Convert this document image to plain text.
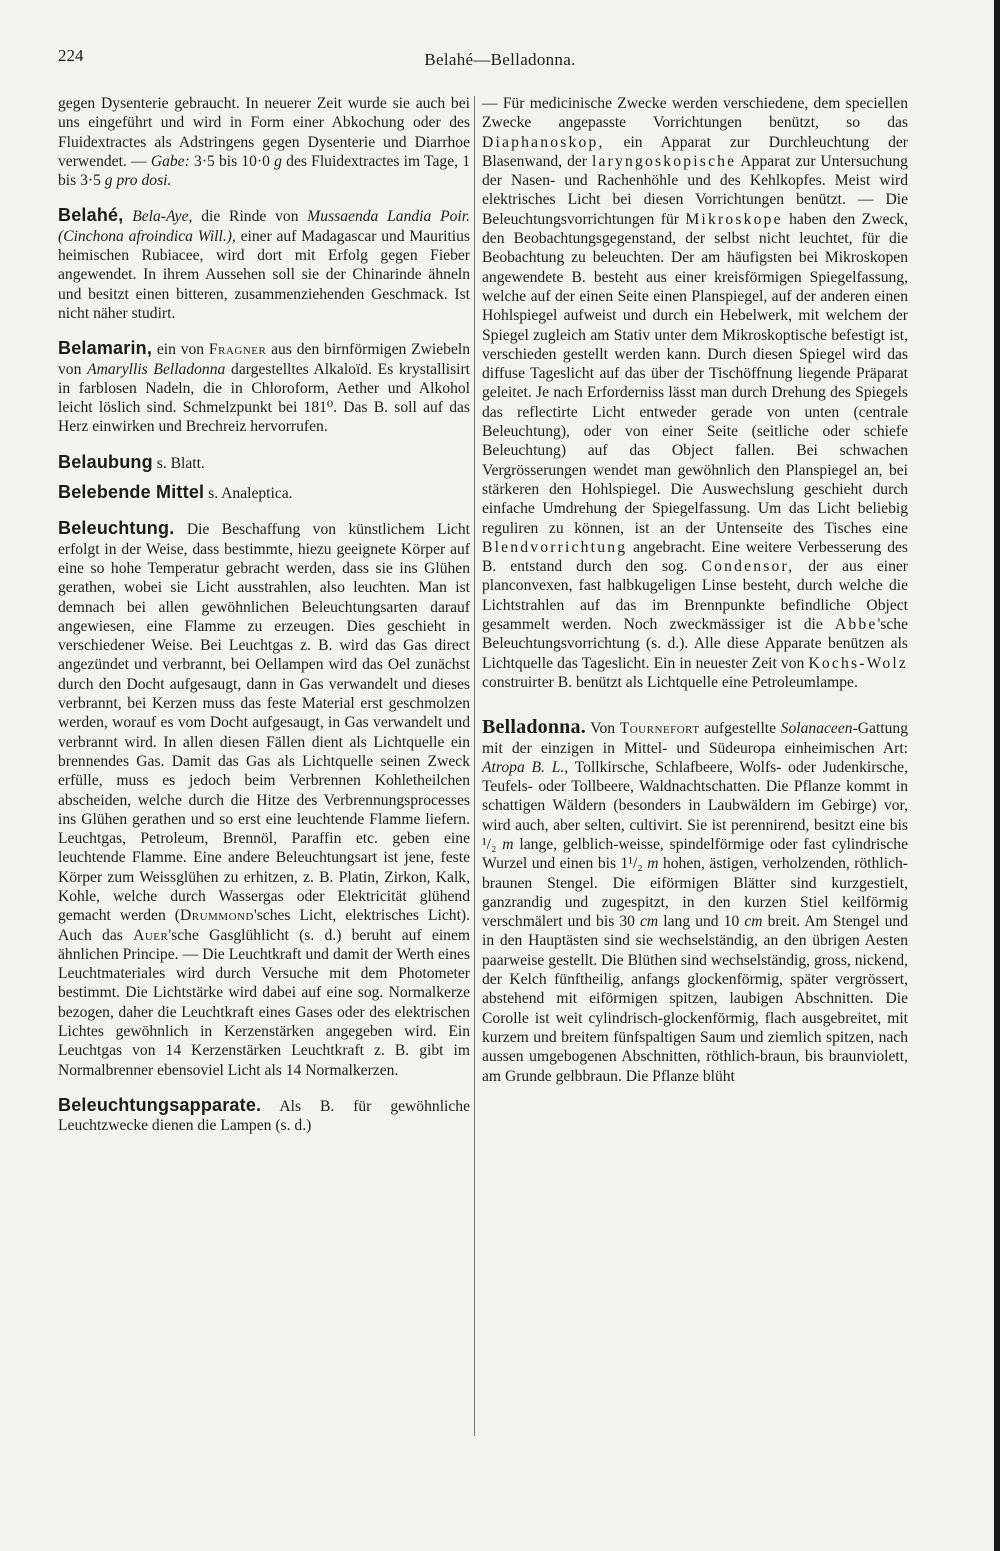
224	Belahé—Belladonna.

gegen Dysenterie gebraucht. In neuerer Zeit wurde sie auch bei uns eingeführt und wird in Form einer Abkochung oder des Fluidextractes als Adstringens gegen Dysenterie und Diarrhoe verwendet. — Gabe: 3·5 bis 10·0 g des Fluidextractes im Tage, 1 bis 3·5 g pro dosi.

Belahé, Bela-Aye, die Rinde von Mussaenda Landia Poir. (Cinchona afroindica Will.), einer auf Madagascar und Mauritius heimischen Rubiacee, wird dort mit Erfolg gegen Fieber angewendet. In ihrem Aussehen soll sie der Chinarinde ähneln und besitzt einen bitteren, zusammenziehenden Geschmack. Ist nicht näher studirt.

Belamarin, ein von Fragner aus den birnförmigen Zwiebeln von Amaryllis Belladonna dargestelltes Alkaloïd. Es krystallisirt in farblosen Nadeln, die in Chloroform, Aether und Alkohol leicht löslich sind. Schmelzpunkt bei 181⁰. Das B. soll auf das Herz einwirken und Brechreiz hervorrufen.

Belaubung s. Blatt.

Belebende Mittel s. Analeptica.

Beleuchtung. Die Beschaffung von künstlichem Licht erfolgt in der Weise, dass bestimmte, hiezu geeignete Körper auf eine so hohe Temperatur gebracht werden, dass sie ins Glühen gerathen, wobei sie Licht ausstrahlen, also leuchten. Man ist demnach bei allen gewöhnlichen Beleuchtungsarten darauf angewiesen, eine Flamme zu erzeugen. Dies geschieht in verschiedener Weise. Bei Leuchtgas z. B. wird das Gas direct angezündet und verbrannt, bei Oellampen wird das Oel zunächst durch den Docht aufgesaugt, dann in Gas verwandelt und dieses verbrannt, bei Kerzen muss das feste Material erst geschmolzen werden, worauf es vom Docht aufgesaugt, in Gas verwandelt und verbrannt wird. In allen diesen Fällen dient als Lichtquelle ein brennendes Gas. Damit das Gas als Lichtquelle seinen Zweck erfülle, muss es jedoch beim Verbrennen Kohletheilchen abscheiden, welche durch die Hitze des Verbrennungsprocesses ins Glühen gerathen und so erst eine leuchtende Flamme liefern. Leuchtgas, Petroleum, Brennöl, Paraffin etc. geben eine leuchtende Flamme. Eine andere Beleuchtungsart ist jene, feste Körper zum Weissglühen zu erhitzen, z. B. Platin, Zirkon, Kalk, Kohle, welche durch Wassergas oder Elektricität glühend gemacht werden (Drummond'sches Licht, elektrisches Licht). Auch das Auer'sche Gasglühlicht (s. d.) beruht auf einem ähnlichen Principe. — Die Leuchtkraft und damit der Werth eines Leuchtmateriales wird durch Versuche mit dem Photometer bestimmt. Die Lichtstärke wird dabei auf eine sog. Normalkerze bezogen, daher die Leuchtkraft eines Gases oder des elektrischen Lichtes gewöhnlich in Kerzenstärken angegeben wird. Ein Leuchtgas von 14 Kerzenstärken Leuchtkraft z. B. gibt im Normalbrenner ebensoviel Licht als 14 Normalkerzen.

Beleuchtungsapparate. Als B. für gewöhnliche Leuchtzwecke dienen die Lampen (s. d.)

— Für medicinische Zwecke werden verschiedene, dem speciellen Zwecke angepasste Vorrichtungen benützt, so das Diaphanoskop, ein Apparat zur Durchleuchtung der Blasenwand, der laryngoskopische Apparat zur Untersuchung der Nasen- und Rachenhöhle und des Kehlkopfes. Meist wird elektrisches Licht bei diesen Vorrichtungen benützt. — Die Beleuchtungsvorrichtungen für Mikroskope haben den Zweck, den Beobachtungsgegenstand, der selbst nicht leuchtet, für die Beobachtung zu beleuchten. Der am häufigsten bei Mikroskopen angewendete B. besteht aus einer kreisförmigen Spiegelfassung, welche auf der einen Seite einen Planspiegel, auf der anderen einen Hohlspiegel aufweist und durch ein Hebelwerk, mit welchem der Spiegel zugleich am Stativ unter dem Mikroskoptische befestigt ist, verschieden gestellt werden kann. Durch diesen Spiegel wird das diffuse Tageslicht auf das über der Tischöffnung liegende Präparat geleitet. Je nach Erforderniss lässt man durch Drehung des Spiegels das reflectirte Licht entweder gerade von unten (centrale Beleuchtung), oder von einer Seite (seitliche oder schiefe Beleuchtung) auf das Object fallen. Bei schwachen Vergrösserungen wendet man gewöhnlich den Planspiegel an, bei stärkeren den Hohlspiegel. Die Auswechslung geschieht durch einfache Umdrehung der Spiegelfassung. Um das Licht beliebig reguliren zu können, ist an der Untenseite des Tisches eine Blendvorrichtung angebracht. Eine weitere Verbesserung des B. entstand durch den sog. Condensor, der aus einer planconvexen, fast halbkugeligen Linse besteht, durch welche die Lichtstrahlen auf das im Brennpunkte befindliche Object gesammelt werden. Noch zweckmässiger ist die Abbe'sche Beleuchtungsvorrichtung (s. d.). Alle diese Apparate benützen als Lichtquelle das Tageslicht. Ein in neuester Zeit von Kochs-Wolz construirter B. benützt als Lichtquelle eine Petroleumlampe.

Belladonna. Von Tournefort aufgestellte Solanaceen-Gattung mit der einzigen in Mittel- und Südeuropa einheimischen Art: Atropa B. L., Tollkirsche, Schlafbeere, Wolfs- oder Judenkirsche, Teufels- oder Tollbeere, Waldnachtschatten. Die Pflanze kommt in schattigen Wäldern (besonders in Laubwäldern im Gebirge) vor, wird auch, aber selten, cultivirt. Sie ist perennirend, besitzt eine bis ¹/₂ m lange, gelblich-weisse, spindelförmige oder fast cylindrische Wurzel und einen bis 1¹/₂ m hohen, ästigen, verholzenden, röthlich-braunen Stengel. Die eiförmigen Blätter sind kurzgestielt, ganzrandig und zugespitzt, in den kurzen Stiel keilförmig verschmälert und bis 30 cm lang und 10 cm breit. Am Stengel und in den Hauptästen sind sie wechselständig, an den übrigen Aesten paarweise gestellt. Die Blüthen sind wechselständig, gross, nickend, der Kelch fünftheilig, anfangs glockenförmig, später vergrössert, abstehend mit eiförmigen spitzen, laubigen Abschnitten. Die Corolle ist weit cylindrisch-glockenförmig, flach ausgebreitet, mit kurzem und breitem fünfspaltigen Saum und ziemlich spitzen, nach aussen umgebogenen Abschnitten, röthlich-braun, bis braunviolett, am Grunde gelbbraun. Die Pflanze blüht
